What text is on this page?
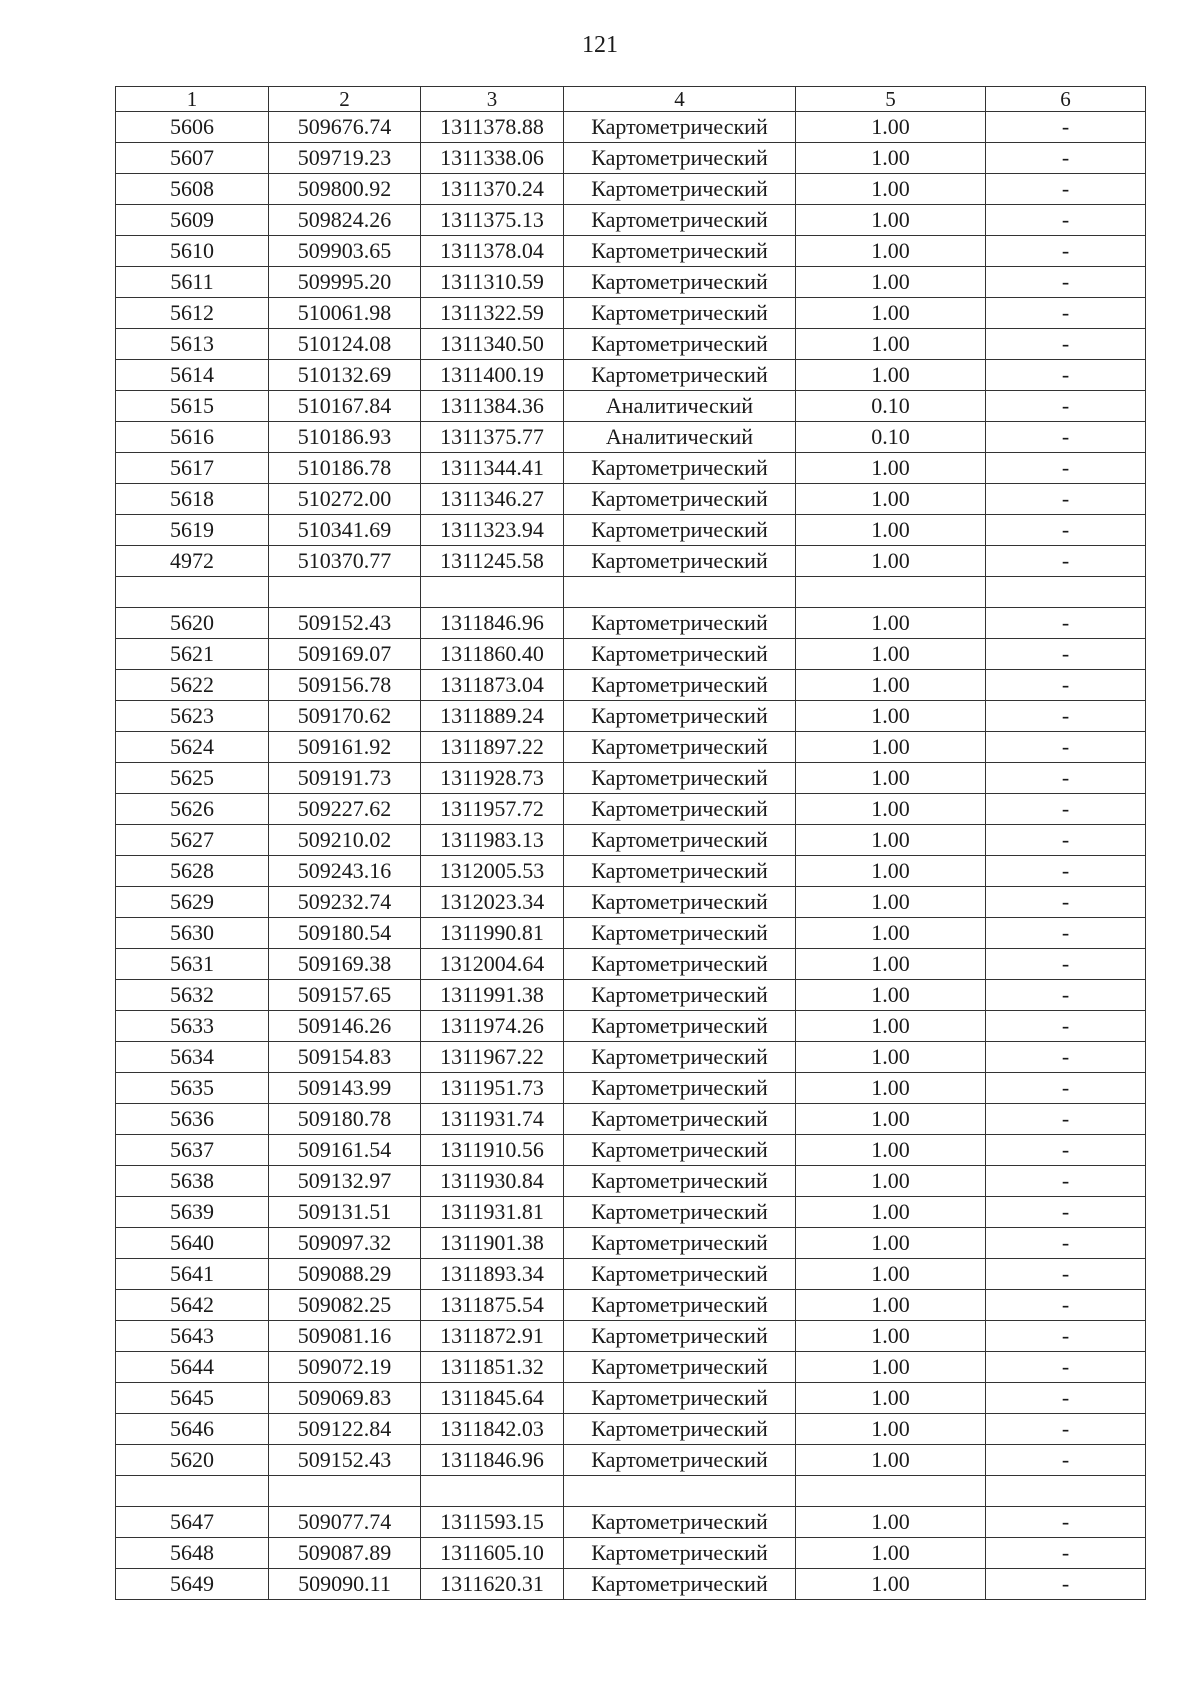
121
1	2	3	4	5	6
5606	509676.74	1311378.88	Картометрический	1.00	-
5607	509719.23	1311338.06	Картометрический	1.00	-
5608	509800.92	1311370.24	Картометрический	1.00	-
5609	509824.26	1311375.13	Картометрический	1.00	-
5610	509903.65	1311378.04	Картометрический	1.00	-
5611	509995.20	1311310.59	Картометрический	1.00	-
5612	510061.98	1311322.59	Картометрический	1.00	-
5613	510124.08	1311340.50	Картометрический	1.00	-
5614	510132.69	1311400.19	Картометрический	1.00	-
5615	510167.84	1311384.36	Аналитический	0.10	-
5616	510186.93	1311375.77	Аналитический	0.10	-
5617	510186.78	1311344.41	Картометрический	1.00	-
5618	510272.00	1311346.27	Картометрический	1.00	-
5619	510341.69	1311323.94	Картометрический	1.00	-
4972	510370.77	1311245.58	Картометрический	1.00	-

5620	509152.43	1311846.96	Картометрический	1.00	-
5621	509169.07	1311860.40	Картометрический	1.00	-
5622	509156.78	1311873.04	Картометрический	1.00	-
5623	509170.62	1311889.24	Картометрический	1.00	-
5624	509161.92	1311897.22	Картометрический	1.00	-
5625	509191.73	1311928.73	Картометрический	1.00	-
5626	509227.62	1311957.72	Картометрический	1.00	-
5627	509210.02	1311983.13	Картометрический	1.00	-
5628	509243.16	1312005.53	Картометрический	1.00	-
5629	509232.74	1312023.34	Картометрический	1.00	-
5630	509180.54	1311990.81	Картометрический	1.00	-
5631	509169.38	1312004.64	Картометрический	1.00	-
5632	509157.65	1311991.38	Картометрический	1.00	-
5633	509146.26	1311974.26	Картометрический	1.00	-
5634	509154.83	1311967.22	Картометрический	1.00	-
5635	509143.99	1311951.73	Картометрический	1.00	-
5636	509180.78	1311931.74	Картометрический	1.00	-
5637	509161.54	1311910.56	Картометрический	1.00	-
5638	509132.97	1311930.84	Картометрический	1.00	-
5639	509131.51	1311931.81	Картометрический	1.00	-
5640	509097.32	1311901.38	Картометрический	1.00	-
5641	509088.29	1311893.34	Картометрический	1.00	-
5642	509082.25	1311875.54	Картометрический	1.00	-
5643	509081.16	1311872.91	Картометрический	1.00	-
5644	509072.19	1311851.32	Картометрический	1.00	-
5645	509069.83	1311845.64	Картометрический	1.00	-
5646	509122.84	1311842.03	Картометрический	1.00	-
5620	509152.43	1311846.96	Картометрический	1.00	-

5647	509077.74	1311593.15	Картометрический	1.00	-
5648	509087.89	1311605.10	Картометрический	1.00	-
5649	509090.11	1311620.31	Картометрический	1.00	-
